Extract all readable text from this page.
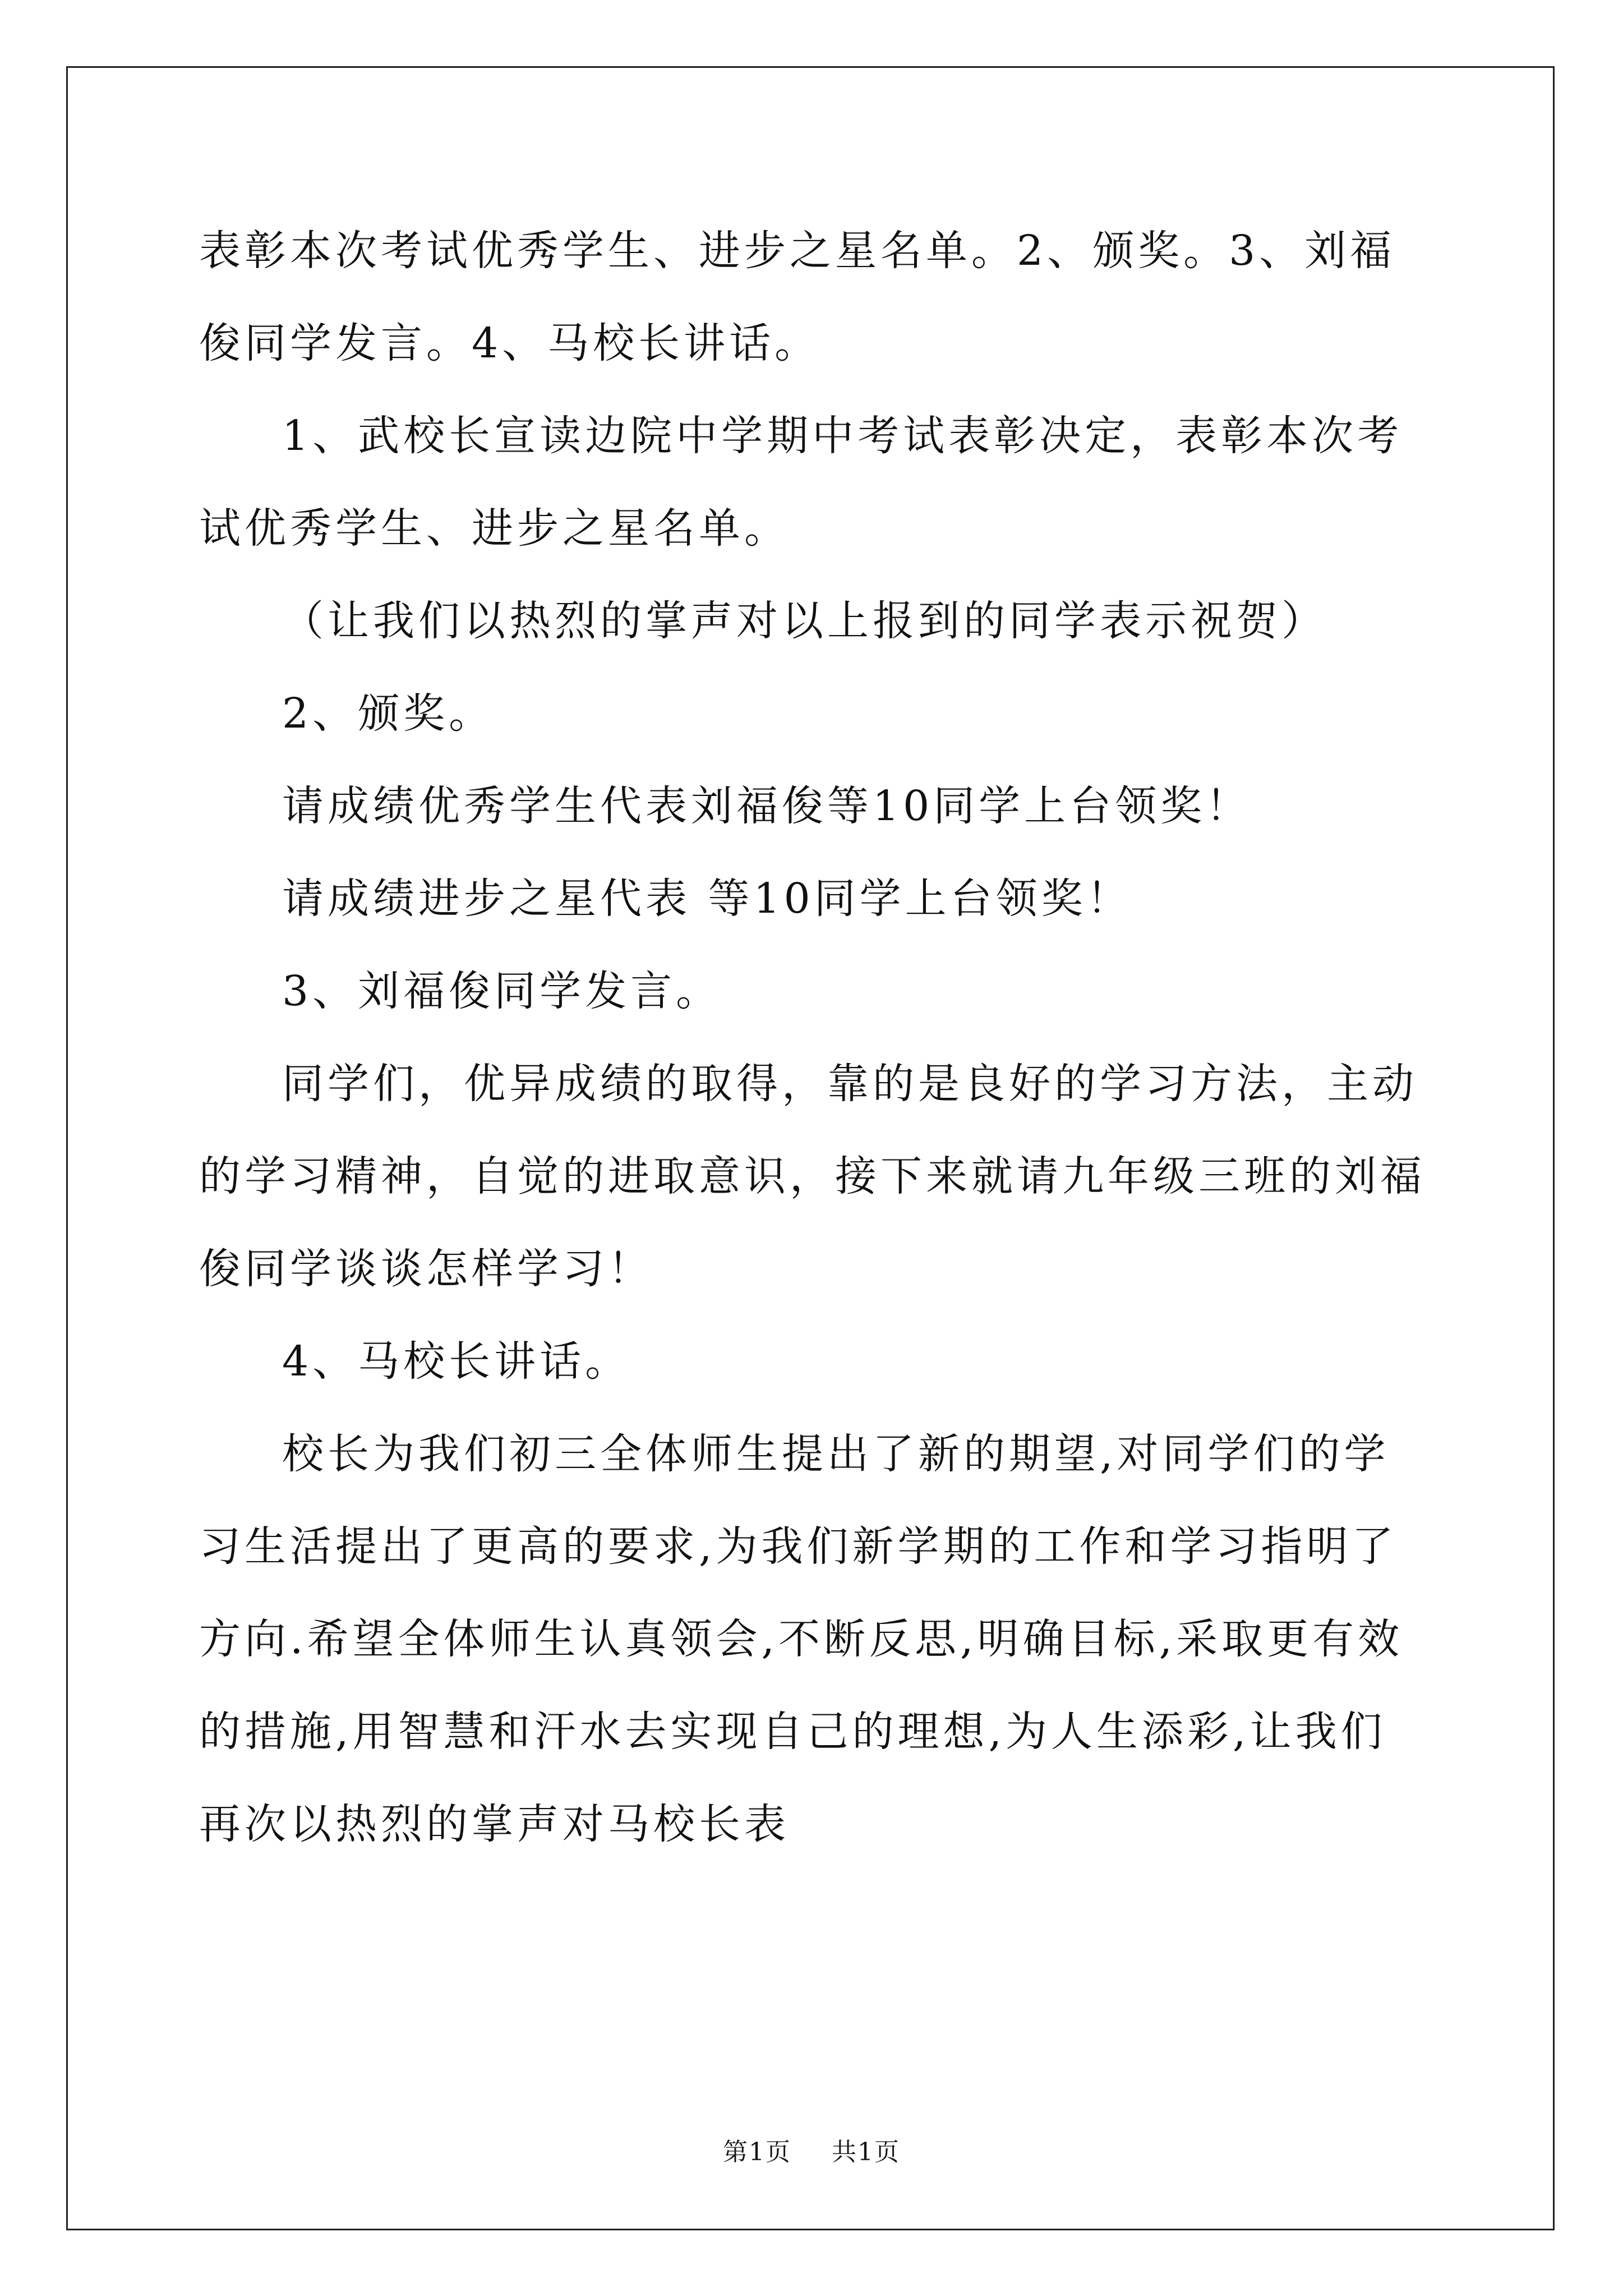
表彰本次考试优秀学生、进步之星名单。2、颁奖。3、刘福俊同学发言。4、马校长讲话。

1、武校长宣读边院中学期中考试表彰决定，表彰本次考试优秀学生、进步之星名单。

（让我们以热烈的掌声对以上报到的同学表示祝贺）

2、颁奖。

请成绩优秀学生代表刘福俊等10同学上台领奖！

请成绩进步之星代表 等10同学上台领奖！

3、刘福俊同学发言。

同学们，优异成绩的取得，靠的是良好的学习方法，主动的学习精神，自觉的进取意识，接下来就请九年级三班的刘福俊同学谈谈怎样学习！

4、马校长讲话。

校长为我们初三全体师生提出了新的期望,对同学们的学习生活提出了更高的要求,为我们新学期的工作和学习指明了方向.希望全体师生认真领会,不断反思,明确目标,采取更有效的措施,用智慧和汗水去实现自己的理想,为人生添彩,让我们再次以热烈的掌声对马校长表

第1页 共1页
